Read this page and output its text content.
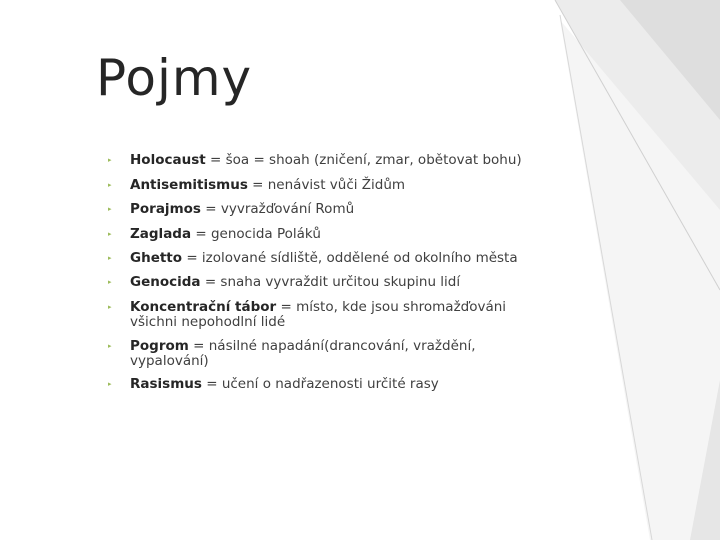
Pojmy
▸	Holocaust = šoa = shoah (zničení, zmar, obětovat bohu)
▸	Antisemitismus = nenávist vůči Židům
▸	Porajmos = vyvražďování Romů
▸	Zaglada = genocida Poláků
▸	Ghetto = izolované sídliště, oddělené od okolního města
▸	Genocida = snaha vyvraždit určitou skupinu lidí
▸	Koncentrační tábor = místo, kde jsou shromažďováni všichni nepohodlní lidé
▸	Pogrom = násilné napadání(drancování, vraždění, vypalování)
▸	Rasismus = učení o nadřazenosti určité rasy
